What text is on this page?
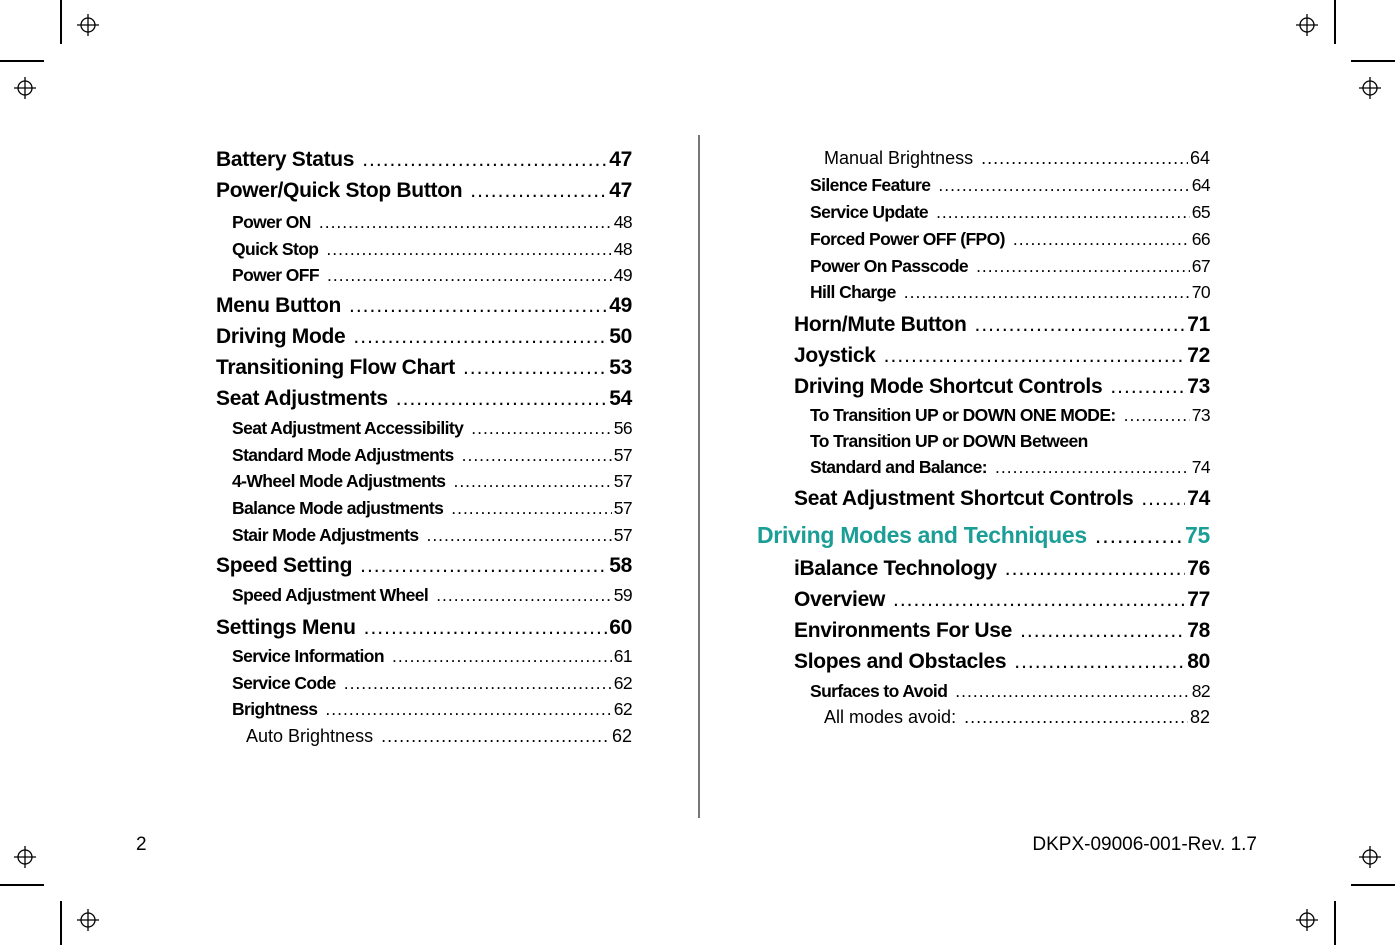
Battery Status .....	47
Power/Quick Stop Button .....	47
Power ON .....	48
Quick Stop .....	48
Power OFF .....	49
Menu Button .....	49
Driving Mode .....	50
Transitioning Flow Chart .....	53
Seat Adjustments .....	54
Seat Adjustment Accessibility .....	56
Standard Mode Adjustments .....	57
4-Wheel Mode Adjustments .....	57
Balance Mode adjustments .....	57
Stair Mode Adjustments .....	57
Speed Setting .....	58
Speed Adjustment Wheel .....	59
Settings Menu .....	60
Service Information .....	61
Service Code .....	62
Brightness .....	62
Auto Brightness .....	62
Manual Brightness .....	64
Silence Feature .....	64
Service Update .....	65
Forced Power OFF (FPO) .....	66
Power On Passcode .....	67
Hill Charge .....	70
Horn/Mute Button .....	71
Joystick .....	72
Driving Mode Shortcut Controls .....	73
To Transition UP or DOWN ONE MODE: .....	73
To Transition UP or DOWN Between
Standard and Balance: .....	74
Seat Adjustment Shortcut Controls .....	74
Driving Modes and Techniques .....	75
iBalance Technology .....	76
Overview .....	77
Environments For Use .....	78
Slopes and Obstacles .....	80
Surfaces to Avoid .....	82
All modes avoid: .....	82
2	DKPX-09006-001-Rev. 1.7
